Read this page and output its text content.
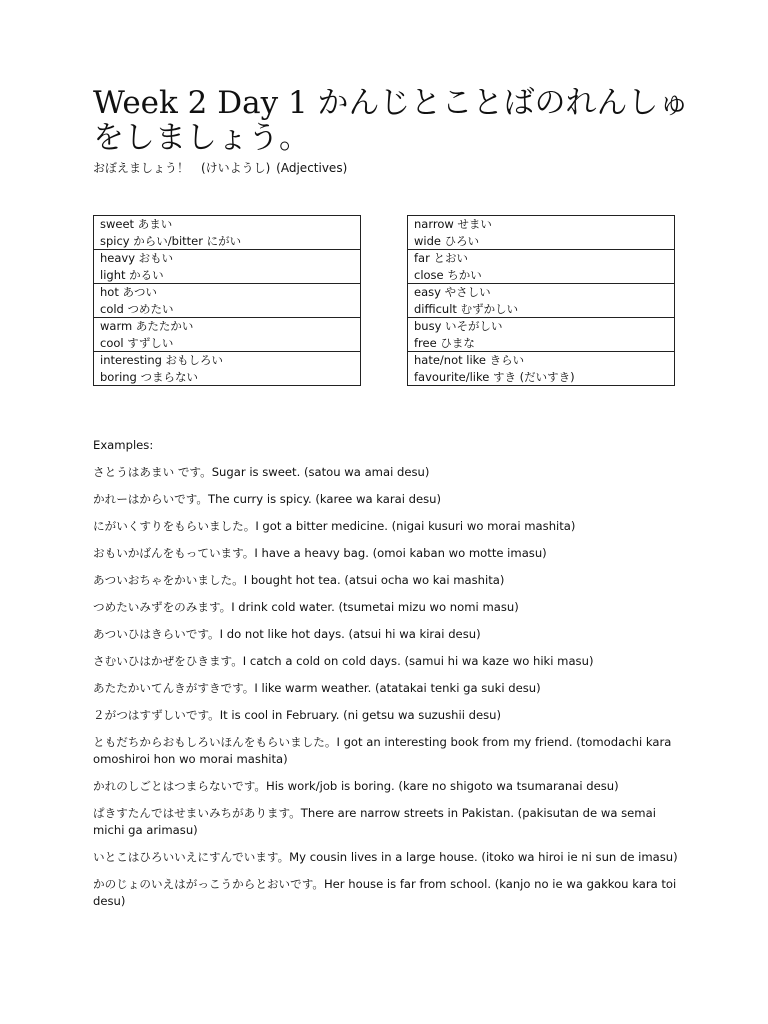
Week 2 Day 1 かんじとことばのれんしゅをしましょう。

おぼえましょう！　(けいようし) (Adjectives)

sweet あまい
spicy からい/bitter にがい

heavy おもい
light かるい

hot あつい
cold つめたい

warm あたたかい
cool すずしい

interesting おもしろい
boring つまらない
narrow せまい
wide ひろい

far とおい
close ちかい

easy やさしい
difficult むずかしい

busy いそがしい
free ひまな

hate/not like きらい
favourite/like すき (だいすき)

Examples:

さとうはあまい です。Sugar is sweet. (satou wa amai desu)

かれーはからいです。The curry is spicy. (karee wa karai desu)

にがいくすりをもらいました。I got a bitter medicine. (nigai kusuri wo morai mashita)

おもいかばんをもっています。I have a heavy bag. (omoi kaban wo motte imasu)

あついおちゃをかいました。I bought hot tea. (atsui ocha wo kai mashita)

つめたいみずをのみます。I drink cold water. (tsumetai mizu wo nomi masu)

あついひはきらいです。I do not like hot days. (atsui hi wa kirai desu)

さむいひはかぜをひきます。I catch a cold on cold days. (samui hi wa kaze wo hiki masu)

あたたかいてんきがすきです。I like warm weather. (atatakai tenki ga suki desu)

２がつはすずしいです。It is cool in February. (ni getsu wa suzushii desu)

ともだちからおもしろいほんをもらいました。I got an interesting book from my friend. (tomodachi kara omoshiroi hon wo morai mashita)

かれのしごとはつまらないです。His work/job is boring. (kare no shigoto wa tsumaranai desu)

ぱきすたんではせまいみちがあります。There are narrow streets in Pakistan. (pakisutan de wa semai michi ga arimasu)

いとこはひろいいえにすんでいます。My cousin lives in a large house. (itoko wa hiroi ie ni sun de imasu)

かのじょのいえはがっこうからとおいです。Her house is far from school. (kanjo no ie wa gakkou kara toi desu)
